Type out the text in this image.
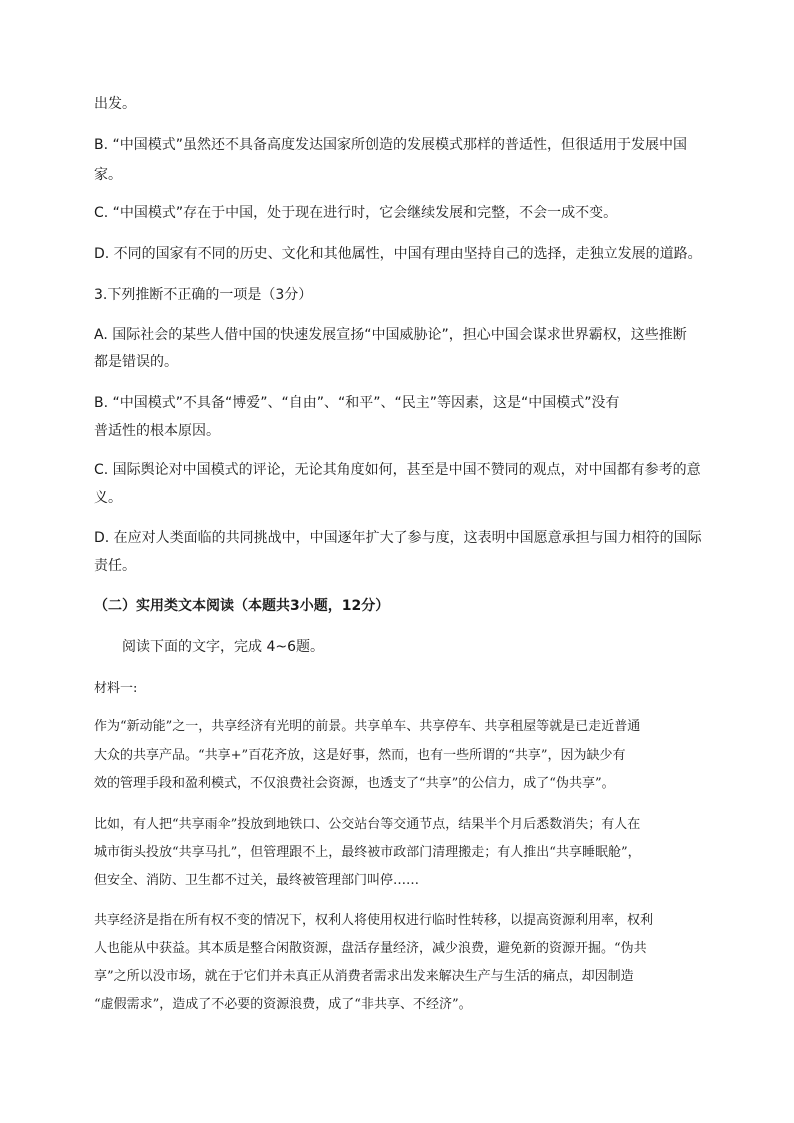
出发。

B. “中国模式”虽然还不具备高度发达国家所创造的发展模式那样的普适性，但很适用于发展中国

家。

C. “中国模式”存在于中国，处于现在进行时，它会继续发展和完整，不会一成不变。

D. 不同的国家有不同的历史、文化和其他属性，中国有理由坚持自己的选择，走独立发展的道路。

3.下列推断不正确的一项是（3分）

A. 国际社会的某些人借中国的快速发展宣扬“中国威胁论”，担心中国会谋求世界霸权，这些推断

都是错误的。

B. “中国模式”不具备“博爱”、“自由”、“和平”、“民主”等因素，这是“中国模式”没有

普适性的根本原因。

C. 国际舆论对中国模式的评论，无论其角度如何，甚至是中国不赞同的观点，对中国都有参考的意

义。

D. 在应对人类面临的共同挑战中，中国逐年扩大了参与度，这表明中国愿意承担与国力相符的国际

责任。

（二）实用类文本阅读（本题共3小题，12分）

阅读下面的文字，完成 4~6题。

材料一:

作为“新动能”之一，共享经济有光明的前景。共享单车、共享停车、共享租屋等就是已走近普通

大众的共享产品。“共享+”百花齐放，这是好事，然而，也有一些所谓的“共享”，因为缺少有

效的管理手段和盈利模式，不仅浪费社会资源，也透支了“共享”的公信力，成了“伪共享”。

比如，有人把“共享雨伞”投放到地铁口、公交站台等交通节点，结果半个月后悉数消失；有人在

城市街头投放“共享马扎”，但管理跟不上，最终被市政部门清理搬走；有人推出“共享睡眠舱”，

但安全、消防、卫生都不过关，最终被管理部门叫停……

共享经济是指在所有权不变的情况下，权利人将使用权进行临时性转移，以提高资源利用率，权利

人也能从中获益。其本质是整合闲散资源，盘活存量经济，减少浪费，避免新的资源开掘。“伪共

享”之所以没市场，就在于它们并未真正从消费者需求出发来解决生产与生活的痛点，却因制造

“虚假需求”，造成了不必要的资源浪费，成了“非共享、不经济”。
